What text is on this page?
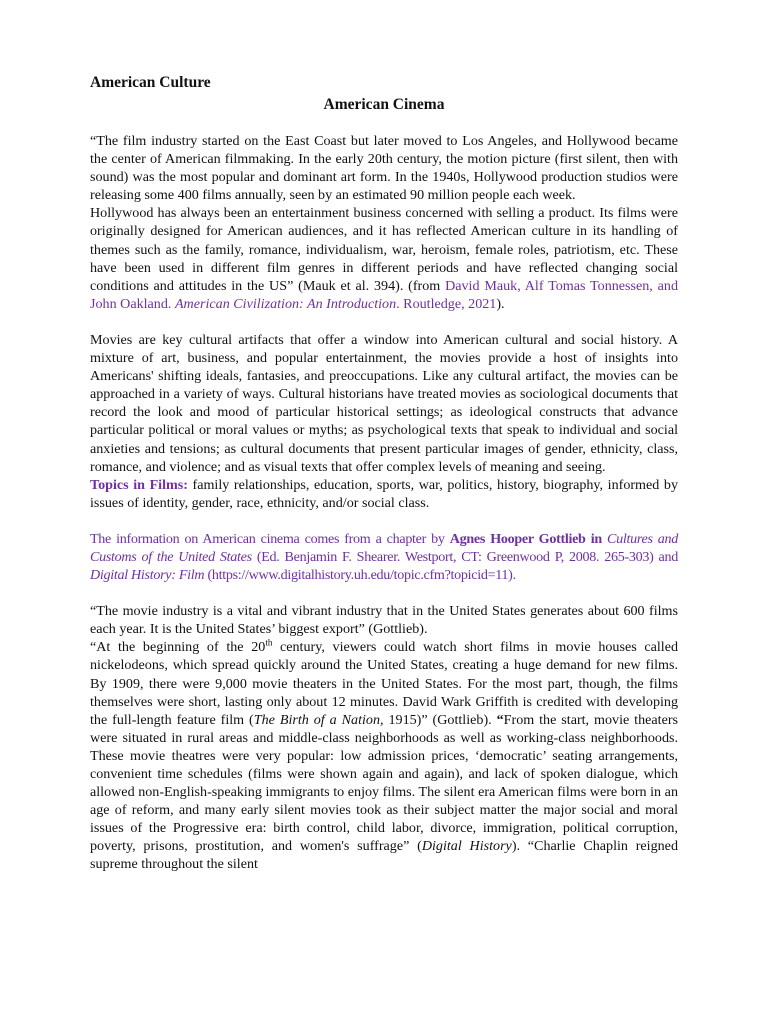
American Culture
American Cinema

“The film industry started on the East Coast but later moved to Los Angeles, and Hollywood became the center of American filmmaking. In the early 20th century, the motion picture (first silent, then with sound) was the most popular and dominant art form. In the 1940s, Hollywood production studios were releasing some 400 films annually, seen by an estimated 90 million people each week.

Hollywood has always been an entertainment business concerned with selling a product. Its films were originally designed for American audiences, and it has reflected American culture in its handling of themes such as the family, romance, individualism, war, heroism, female roles, patriotism, etc. These have been used in different film genres in different periods and have reflected changing social conditions and attitudes in the US” (Mauk et al. 394). (from David Mauk, Alf Tomas Tonnessen, and John Oakland. American Civilization: An Introduction. Routledge, 2021).

Movies are key cultural artifacts that offer a window into American cultural and social history. A mixture of art, business, and popular entertainment, the movies provide a host of insights into Americans' shifting ideals, fantasies, and preoccupations. Like any cultural artifact, the movies can be approached in a variety of ways. Cultural historians have treated movies as sociological documents that record the look and mood of particular historical settings; as ideological constructs that advance particular political or moral values or myths; as psychological texts that speak to individual and social anxieties and tensions; as cultural documents that present particular images of gender, ethnicity, class, romance, and violence; and as visual texts that offer complex levels of meaning and seeing.

Topics in Films: family relationships, education, sports, war, politics, history, biography, informed by issues of identity, gender, race, ethnicity, and/or social class.

The information on American cinema comes from a chapter by Agnes Hooper Gottlieb in Cultures and Customs of the United States (Ed. Benjamin F. Shearer. Westport, CT: Greenwood P, 2008. 265-303) and Digital History: Film (https://www.digitalhistory.uh.edu/topic.cfm?topicid=11).

“The movie industry is a vital and vibrant industry that in the United States generates about 600 films each year. It is the United States’ biggest export” (Gottlieb).

“At the beginning of the 20th century, viewers could watch short films in movie houses called nickelodeons, which spread quickly around the United States, creating a huge demand for new films. By 1909, there were 9,000 movie theaters in the United States. For the most part, though, the films themselves were short, lasting only about 12 minutes. David Wark Griffith is credited with developing the full-length feature film (The Birth of a Nation, 1915)” (Gottlieb). “From the start, movie theaters were situated in rural areas and middle-class neighborhoods as well as working-class neighborhoods. These movie theatres were very popular: low admission prices, ‘democratic’ seating arrangements, convenient time schedules (films were shown again and again), and lack of spoken dialogue, which allowed non-English-speaking immigrants to enjoy films. The silent era American films were born in an age of reform, and many early silent movies took as their subject matter the major social and moral issues of the Progressive era: birth control, child labor, divorce, immigration, political corruption, poverty, prisons, prostitution, and women's suffrage” (Digital History). “Charlie Chaplin reigned supreme throughout the silent
